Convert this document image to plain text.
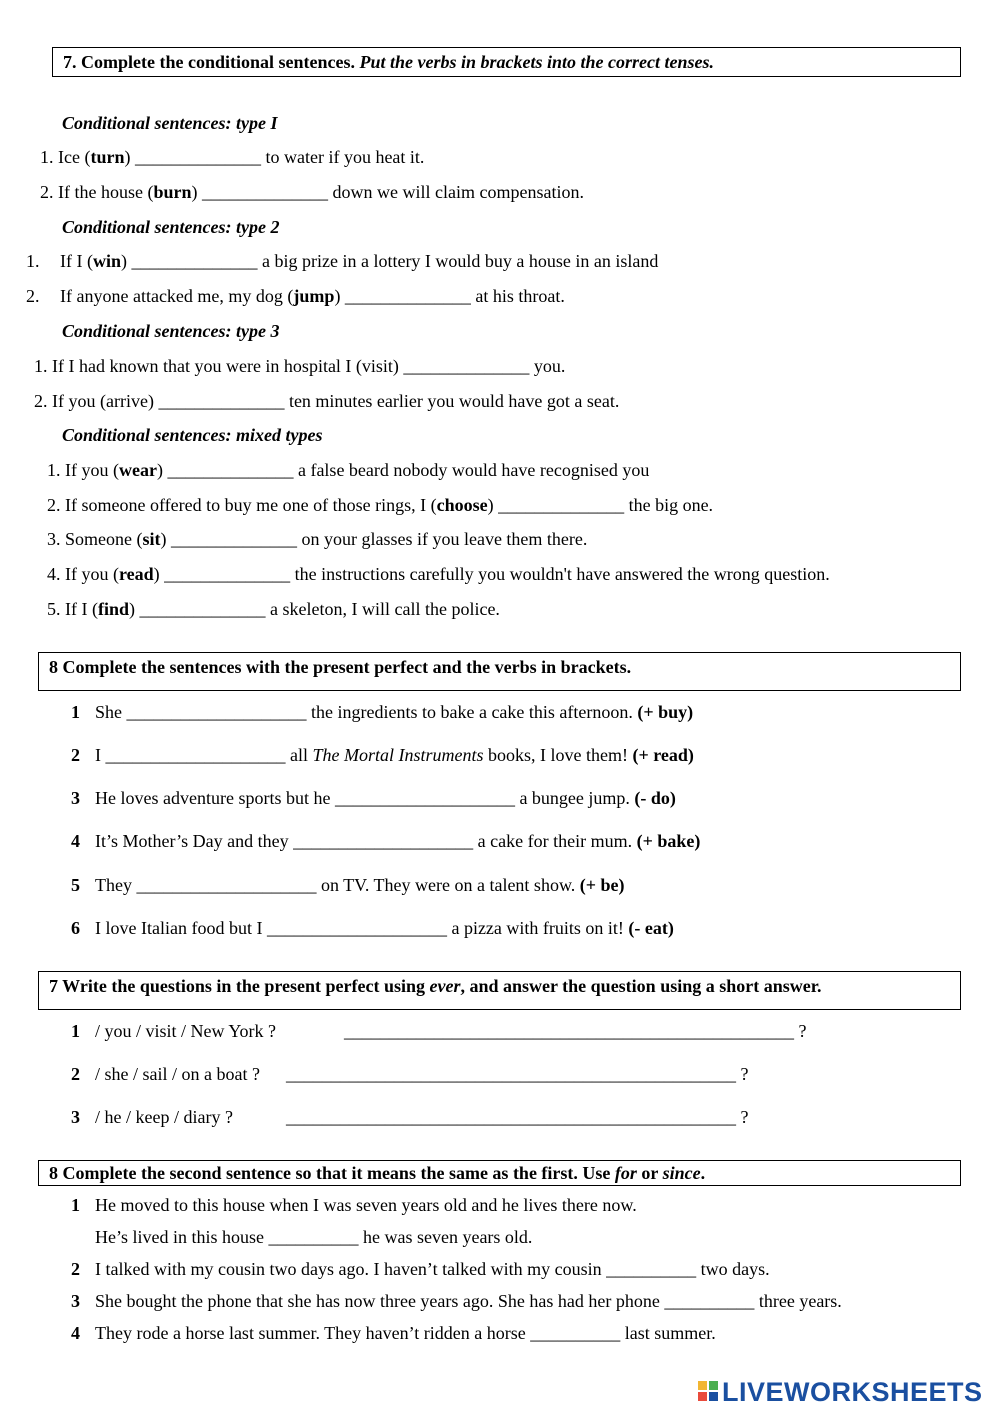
7. Complete the conditional sentences. Put the verbs in brackets into the correct tenses.
Conditional sentences: type I
1. Ice (turn) ______________ to water if you heat it.
2. If the house (burn) ______________ down we will claim compensation.
Conditional sentences: type 2
1. If I (win) ______________ a big prize in a lottery I would buy a house in an island
2. If anyone attacked me, my dog (jump) ______________ at his throat.
Conditional sentences: type 3
1. If I had known that you were in hospital I (visit) ______________ you.
2. If you (arrive) ______________ ten minutes earlier you would have got a seat.
Conditional sentences: mixed types
1. If you (wear) ______________ a false beard nobody would have recognised you
2. If someone offered to buy me one of those rings, I (choose) ______________ the big one.
3. Someone (sit) ______________ on your glasses if you leave them there.
4. If you (read) ______________ the instructions carefully you wouldn't have answered the wrong question.
5. If I (find) ______________ a skeleton, I will call the police.
8 Complete the sentences with the present perfect and the verbs in brackets.
1 She ____________________ the ingredients to bake a cake this afternoon. (+ buy)
2 I ____________________ all The Mortal Instruments books, I love them! (+ read)
3 He loves adventure sports but he ____________________ a bungee jump. (- do)
4 It’s Mother’s Day and they ____________________ a cake for their mum. (+ bake)
5 They ____________________ on TV. They were on a talent show. (+ be)
6 I love Italian food but I ____________________ a pizza with fruits on it! (- eat)
7 Write the questions in the present perfect using ever, and answer the question using a short answer.
1 / you / visit / New York ?	__________________________________________________ ?
2 / she / sail / on a boat ? __________________________________________________ ?
3 / he / keep / diary ?	__________________________________________________ ?
8 Complete the second sentence so that it means the same as the first. Use for or since.
1 He moved to this house when I was seven years old and he lives there now.
He’s lived in this house __________ he was seven years old.
2 I talked with my cousin two days ago. I haven’t talked with my cousin __________ two days.
3 She bought the phone that she has now three years ago. She has had her phone __________ three years.
4 They rode a horse last summer. They haven’t ridden a horse __________ last summer.
LIVEWORKSHEETS
